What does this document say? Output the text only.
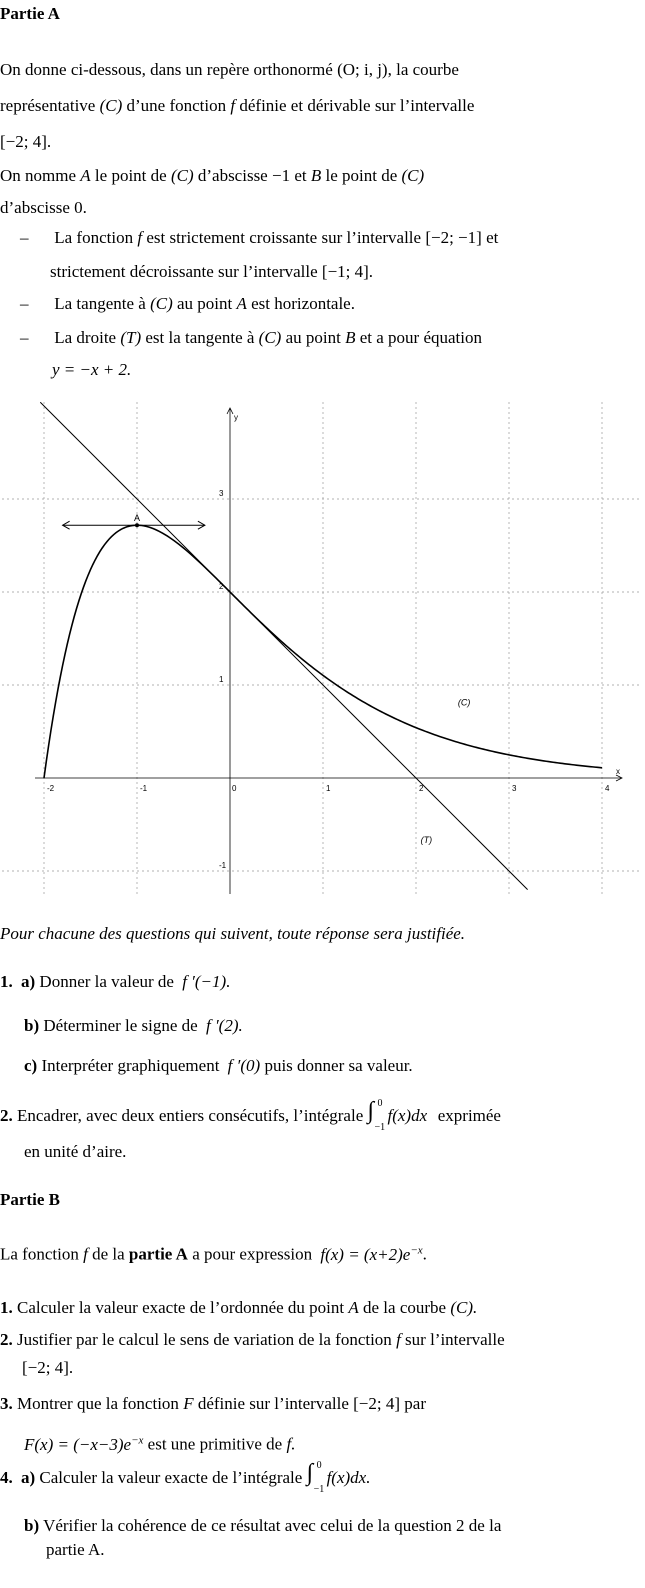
Partie A
On donne ci-dessous, dans un repère orthonormé (O; i, j), la courbe
représentative (C) d’une fonction f définie et dérivable sur l’intervalle
[−2; 4].
On nomme A le point de (C) d’abscisse −1 et B le point de (C)
d’abscisse 0.
– La fonction f est strictement croissante sur l’intervalle [−2; −1] et
strictement décroissante sur l’intervalle [−1; 4].
– La tangente à (C) au point A est horizontale.
– La droite (T) est la tangente à (C) au point B et a pour équation
y = −x + 2.
-2	-1	0	1	2	3	4
3
2
1
-1
A
(C)
(T)
x
y
Pour chacune des questions qui suivent, toute réponse sera justifiée.
1. a) Donner la valeur de f ′(−1).
b) Déterminer le signe de f ′(2).
c) Interpréter graphiquement f ′(0) puis donner sa valeur.
2. Encadrer, avec deux entiers consécutifs, l’intégrale ∫ 0
−1
f(x)dx exprimée
en unité d’aire.
Partie B
La fonction f de la partie A a pour expression $f(x) = (x+2)e^{-x}$.
1. Calculer la valeur exacte de l’ordonnée du point A de la courbe (C).
2. Justifier par le calcul le sens de variation de la fonction f sur l’intervalle
[−2; 4].
3. Montrer que la fonction F définie sur l’intervalle [−2; 4] par
$F(x) = (-x-3)e^{-x}$ est une primitive de f.
4. a) Calculer la valeur exacte de l’intégrale ∫ 0
−1
f(x)dx.
b) Vérifier la cohérence de ce résultat avec celui de la question 2 de la
partie A.
